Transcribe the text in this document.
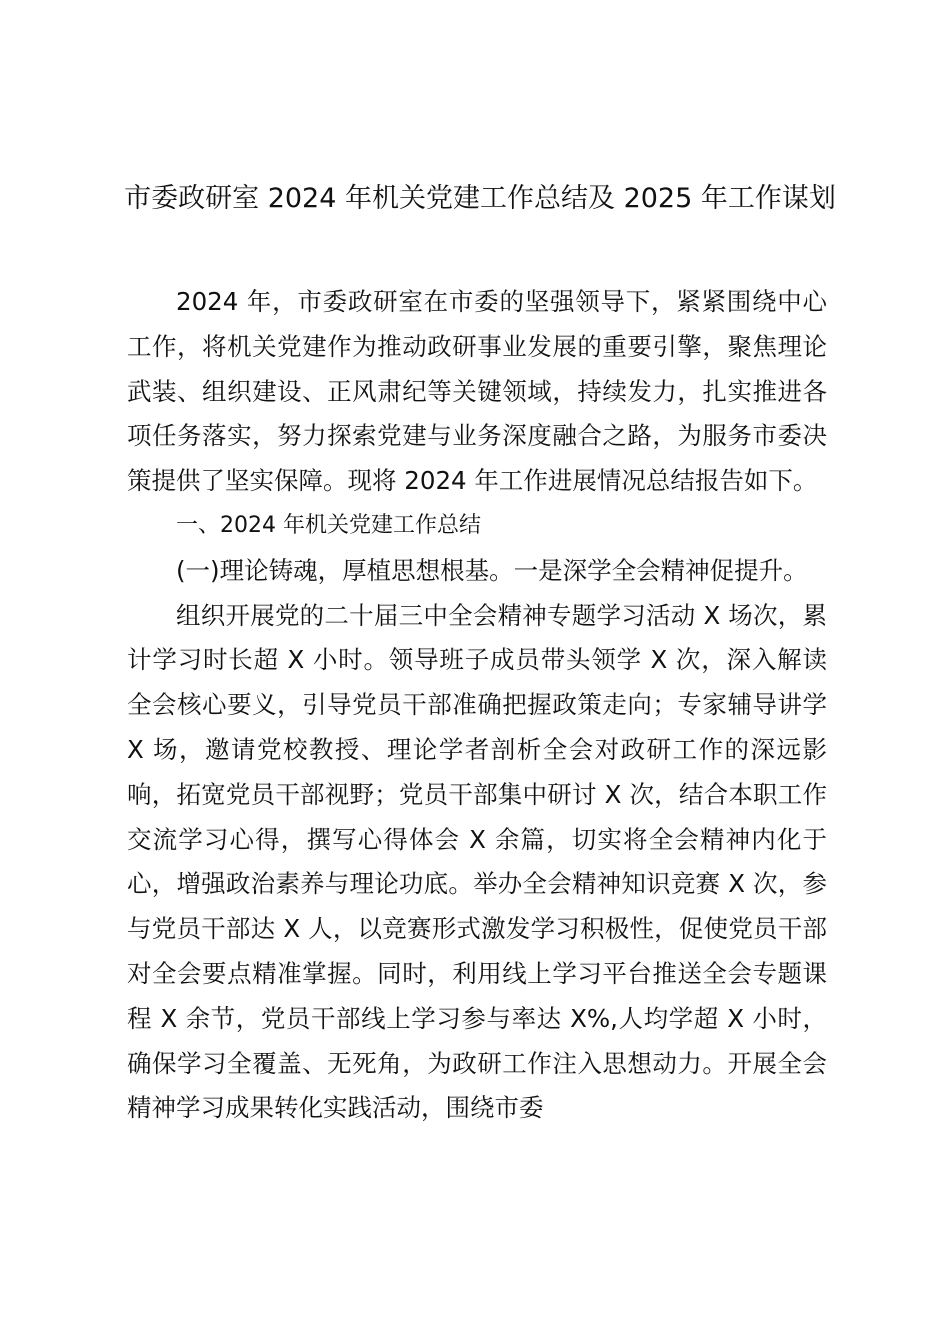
市委政研室 2024 年机关党建工作总结及 2025 年工作谋划

2024 年，市委政研室在市委的坚强领导下，紧紧围绕中心工作，将机关党建作为推动政研事业发展的重要引擎，聚焦理论武装、组织建设、正风肃纪等关键领域，持续发力，扎实推进各项任务落实，努力探索党建与业务深度融合之路，为服务市委决策提供了坚实保障。现将 2024 年工作进展情况总结报告如下。

一、2024 年机关党建工作总结

(一)理论铸魂，厚植思想根基。一是深学全会精神促提升。

组织开展党的二十届三中全会精神专题学习活动 X 场次，累计学习时长超 X 小时。领导班子成员带头领学 X 次，深入解读全会核心要义，引导党员干部准确把握政策走向；专家辅导讲学 X 场，邀请党校教授、理论学者剖析全会对政研工作的深远影响，拓宽党员干部视野；党员干部集中研讨 X 次，结合本职工作交流学习心得，撰写心得体会 X 余篇，切实将全会精神内化于心，增强政治素养与理论功底。举办全会精神知识竞赛 X 次，参与党员干部达 X 人，以竞赛形式激发学习积极性，促使党员干部对全会要点精准掌握。同时，利用线上学习平台推送全会专题课程 X 余节，党员干部线上学习参与率达 X%,人均学超 X 小时，确保学习全覆盖、无死角，为政研工作注入思想动力。开展全会精神学习成果转化实践活动，围绕市委
